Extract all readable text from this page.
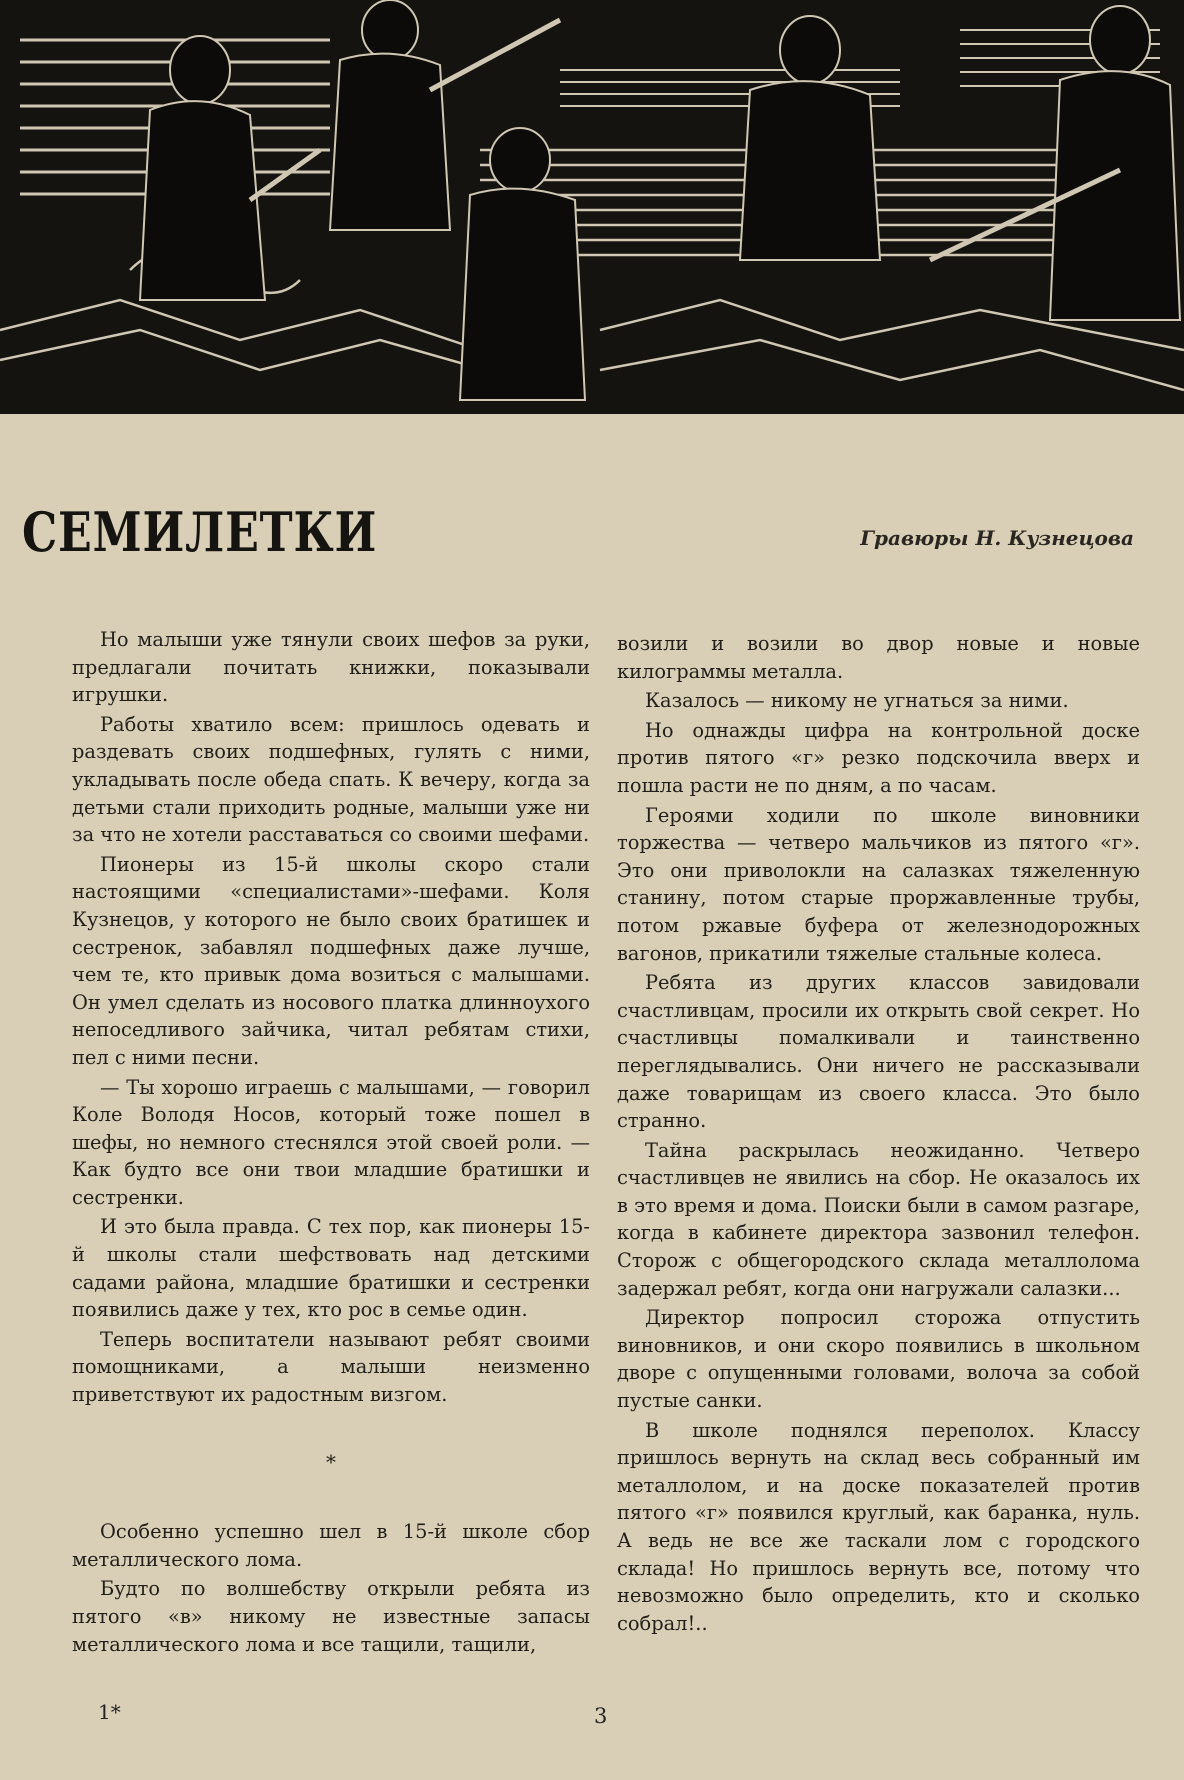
СЕМИЛЕТКИ	Гравюры Н. Кузнецова

Но малыши уже тянули своих шефов за руки, предлагали почитать книжки, показывали игрушки.

Работы хватило всем: пришлось одевать и раздевать своих подшефных, гулять с ними, укладывать после обеда спать. К вечеру, когда за детьми стали приходить родные, малыши уже ни за что не хотели расставаться со своими шефами.

Пионеры из 15-й школы скоро стали настоящими «специалистами»-шефами. Коля Кузнецов, у которого не было своих братишек и сестренок, забавлял подшефных даже лучше, чем те, кто привык дома возиться с малышами. Он умел сделать из носового платка длинноухого непоседливого зайчика, читал ребятам стихи, пел с ними песни.

— Ты хорошо играешь с малышами, — говорил Коле Володя Носов, который тоже пошел в шефы, но немного стеснялся этой своей роли. — Как будто все они твои младшие братишки и сестренки.

И это была правда. С тех пор, как пионеры 15-й школы стали шефствовать над детскими садами района, младшие братишки и сестренки появились даже у тех, кто рос в семье один.

Теперь воспитатели называют ребят своими помощниками, а малыши неизменно приветствуют их радостным визгом.

*

Особенно успешно шел в 15-й школе сбор металлического лома.

Будто по волшебству открыли ребята из пятого «в» никому не известные запасы металлического лома и все тащили, тащили,

возили и возили во двор новые и новые килограммы металла.

Казалось — никому не угнаться за ними.

Но однажды цифра на контрольной доске против пятого «г» резко подскочила вверх и пошла расти не по дням, а по часам.

Героями ходили по школе виновники торжества — четверо мальчиков из пятого «г». Это они приволокли на салазках тяжеленную станину, потом старые проржавленные трубы, потом ржавые буфера от железнодорожных вагонов, прикатили тяжелые стальные колеса.

Ребята из других классов завидовали счастливцам, просили их открыть свой секрет. Но счастливцы помалкивали и таинственно переглядывались. Они ничего не рассказывали даже товарищам из своего класса. Это было странно.

Тайна раскрылась неожиданно. Четверо счастливцев не явились на сбор. Не оказалось их в это время и дома. Поиски были в самом разгаре, когда в кабинете директора зазвонил телефон. Сторож с общегородского склада металлолома задержал ребят, когда они нагружали салазки...

Директор попросил сторожа отпустить виновников, и они скоро появились в школьном дворе с опущенными головами, волоча за собой пустые санки.

В школе поднялся переполох. Классу пришлось вернуть на склад весь собранный им металлолом, и на доске показателей против пятого «г» появился круглый, как баранка, нуль. А ведь не все же таскали лом с городского склада! Но пришлось вернуть все, потому что невозможно было определить, кто и сколько собрал!..

1*	3
